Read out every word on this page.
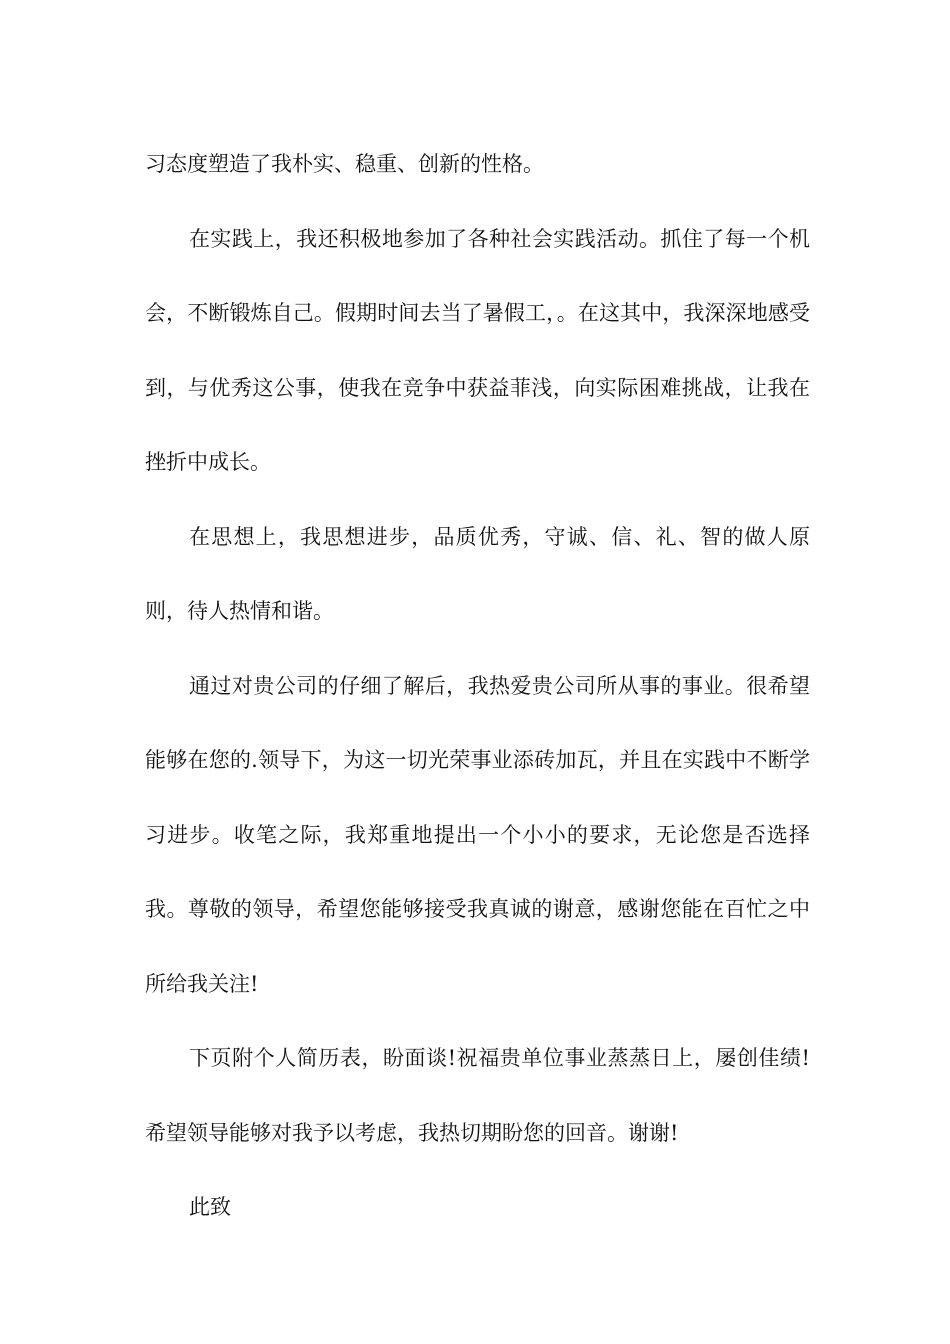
习态度塑造了我朴实、稳重、创新的性格。

在实践上，我还积极地参加了各种社会实践活动。抓住了每一个机会，不断锻炼自己。假期时间去当了暑假工，。在这其中，我深深地感受到，与优秀这公事，使我在竞争中获益菲浅，向实际困难挑战，让我在挫折中成长。

在思想上，我思想进步，品质优秀，守诚、信、礼、智的做人原则，待人热情和谐。

通过对贵公司的仔细了解后，我热爱贵公司所从事的事业。很希望能够在您的.领导下，为这一切光荣事业添砖加瓦，并且在实践中不断学习进步。收笔之际，我郑重地提出一个小小的要求，无论您是否选择我。尊敬的领导，希望您能够接受我真诚的谢意，感谢您能在百忙之中所给我关注!

下页附个人简历表，盼面谈!祝福贵单位事业蒸蒸日上，屡创佳绩!希望领导能够对我予以考虑，我热切期盼您的回音。谢谢!

此致
